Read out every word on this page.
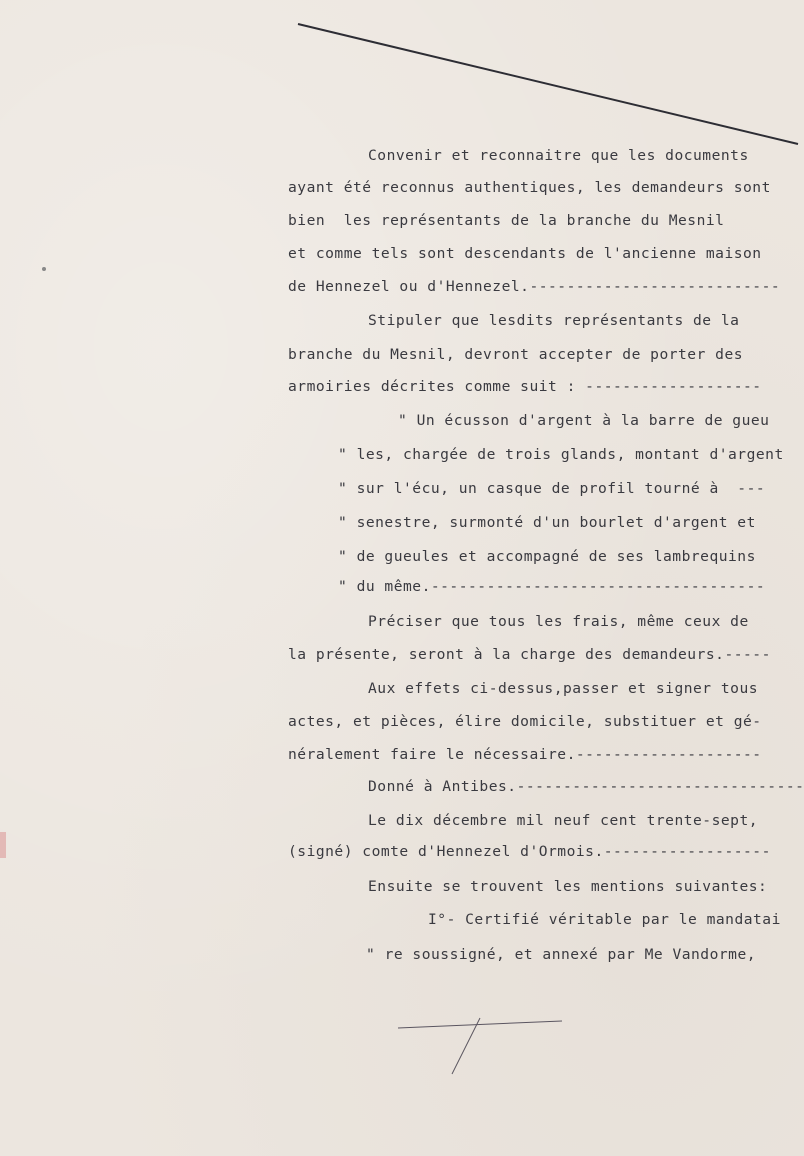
Convenir et reconnaitre que les documents
ayant été reconnus authentiques, les demandeurs sont
bien  les représentants de la branche du Mesnil
et comme tels sont descendants de l'ancienne maison
de Hennezel ou d'Hennezel.---------------------------
Stipuler que lesdits représentants de la
branche du Mesnil, devront accepter de porter des
armoiries décrites comme suit : -------------------
" Un écusson d'argent à la barre de gueu
" les, chargée de trois glands, montant d'argent
" sur l'écu, un casque de profil tourné à  ---
" senestre, surmonté d'un bourlet d'argent et
" de gueules et accompagné de ses lambrequins
" du même.------------------------------------
Préciser que tous les frais, même ceux de
la présente, seront à la charge des demandeurs.-----
Aux effets ci-dessus,passer et signer tous
actes, et pièces, élire domicile, substituer et gé-
néralement faire le nécessaire.--------------------
Donné à Antibes.-------------------------------
Le dix décembre mil neuf cent trente-sept,
(signé) comte d'Hennezel d'Ormois.------------------
Ensuite se trouvent les mentions suivantes:
I°- Certifié véritable par le mandatai
" re soussigné, et annexé par Me Vandorme,
